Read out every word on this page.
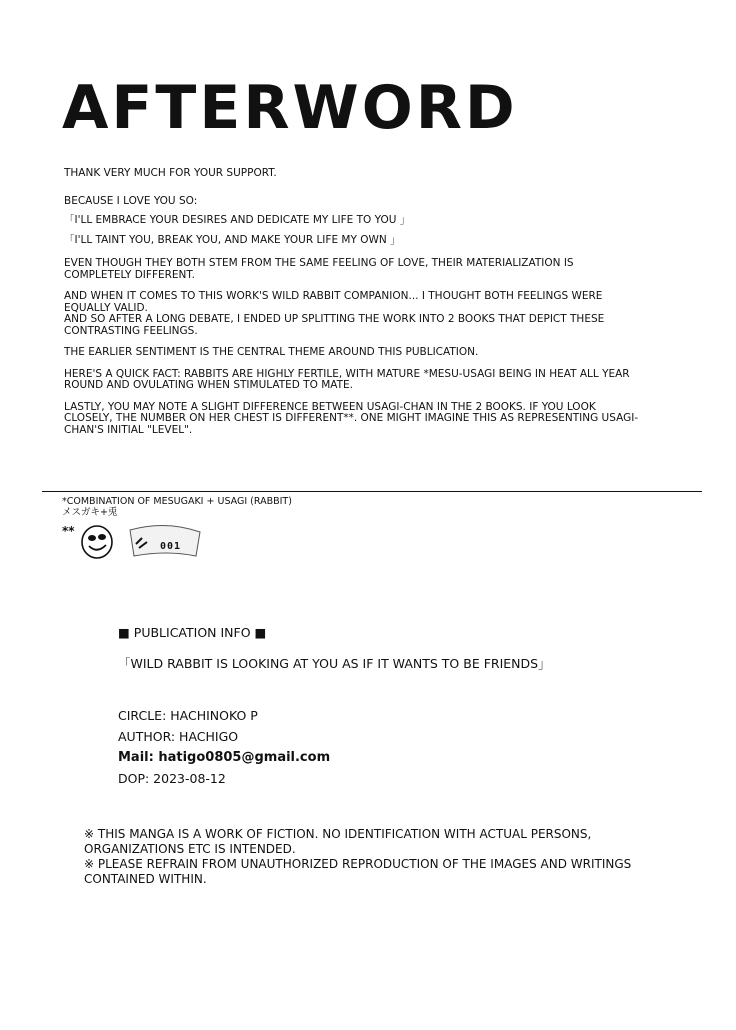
AFTERWORD

THANK VERY MUCH FOR YOUR SUPPORT.

BECAUSE I LOVE YOU SO:

「I'LL EMBRACE YOUR DESIRES AND DEDICATE MY LIFE TO YOU 」

「I'LL TAINT YOU, BREAK YOU, AND MAKE YOUR LIFE MY OWN 」

EVEN THOUGH THEY BOTH STEM FROM THE SAME FEELING OF LOVE, THEIR MATERIALIZATION IS COMPLETELY DIFFERENT.

AND WHEN IT COMES TO THIS WORK'S WILD RABBIT COMPANION... I THOUGHT BOTH FEELINGS WERE EQUALLY VALID.
AND SO AFTER A LONG DEBATE, I ENDED UP SPLITTING THE WORK INTO 2 BOOKS THAT DEPICT THESE CONTRASTING FEELINGS.

THE EARLIER SENTIMENT IS THE CENTRAL THEME AROUND THIS PUBLICATION.

HERE'S A QUICK FACT: RABBITS ARE HIGHLY FERTILE, WITH MATURE *MESU-USAGI BEING IN HEAT ALL YEAR ROUND AND OVULATING WHEN STIMULATED TO MATE.

LASTLY, YOU MAY NOTE A SLIGHT DIFFERENCE BETWEEN USAGI-CHAN IN THE 2 BOOKS. IF YOU LOOK CLOSELY, THE NUMBER ON HER CHEST IS DIFFERENT**. ONE MIGHT IMAGINE THIS AS REPRESENTING USAGI-CHAN'S INITIAL "LEVEL".

*COMBINATION OF MESUGAKI + USAGI (RABBIT)
メスガキ+兎
**
001
■ PUBLICATION INFO ■
「WILD RABBIT IS LOOKING AT YOU AS IF IT WANTS TO BE FRIENDS」
CIRCLE: HACHINOKO P
AUTHOR: HACHIGO
Mail: hatigo0805@gmail.com
DOP: 2023-08-12
※ THIS MANGA IS A WORK OF FICTION. NO IDENTIFICATION WITH ACTUAL PERSONS, ORGANIZATIONS ETC IS INTENDED.
※ PLEASE REFRAIN FROM UNAUTHORIZED REPRODUCTION OF THE IMAGES AND WRITINGS CONTAINED WITHIN.
